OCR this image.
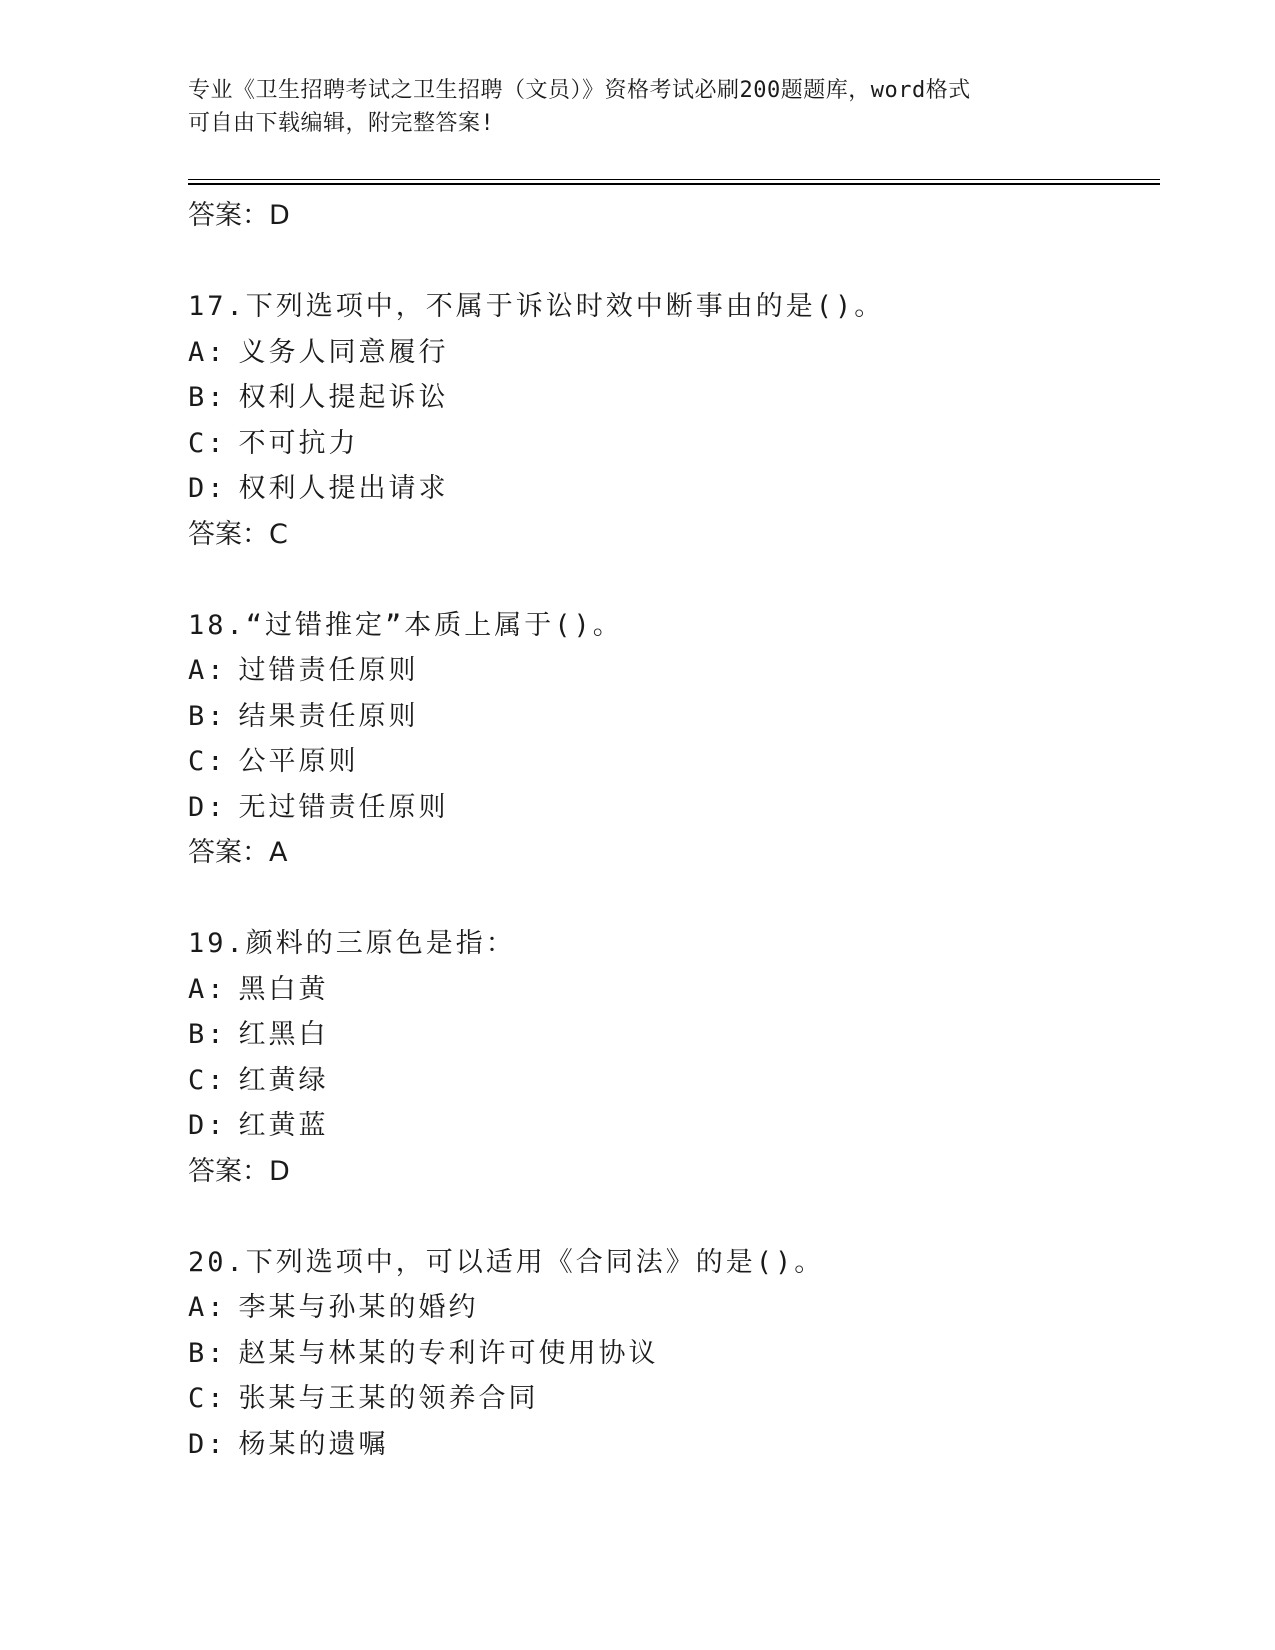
专业《卫生招聘考试之卫生招聘（文员）》资格考试必刷200题题库，word格式
可自由下载编辑，附完整答案!
答案：D
17.下列选项中，不属于诉讼时效中断事由的是()。
A: 义务人同意履行
B: 权利人提起诉讼
C: 不可抗力
D: 权利人提出请求
答案：C
18.“过错推定”本质上属于()。
A: 过错责任原则
B: 结果责任原则
C: 公平原则
D: 无过错责任原则
答案：A
19.颜料的三原色是指：
A: 黑白黄
B: 红黑白
C: 红黄绿
D: 红黄蓝
答案：D
20.下列选项中，可以适用《合同法》的是()。
A: 李某与孙某的婚约
B: 赵某与林某的专利许可使用协议
C: 张某与王某的领养合同
D: 杨某的遗嘱
